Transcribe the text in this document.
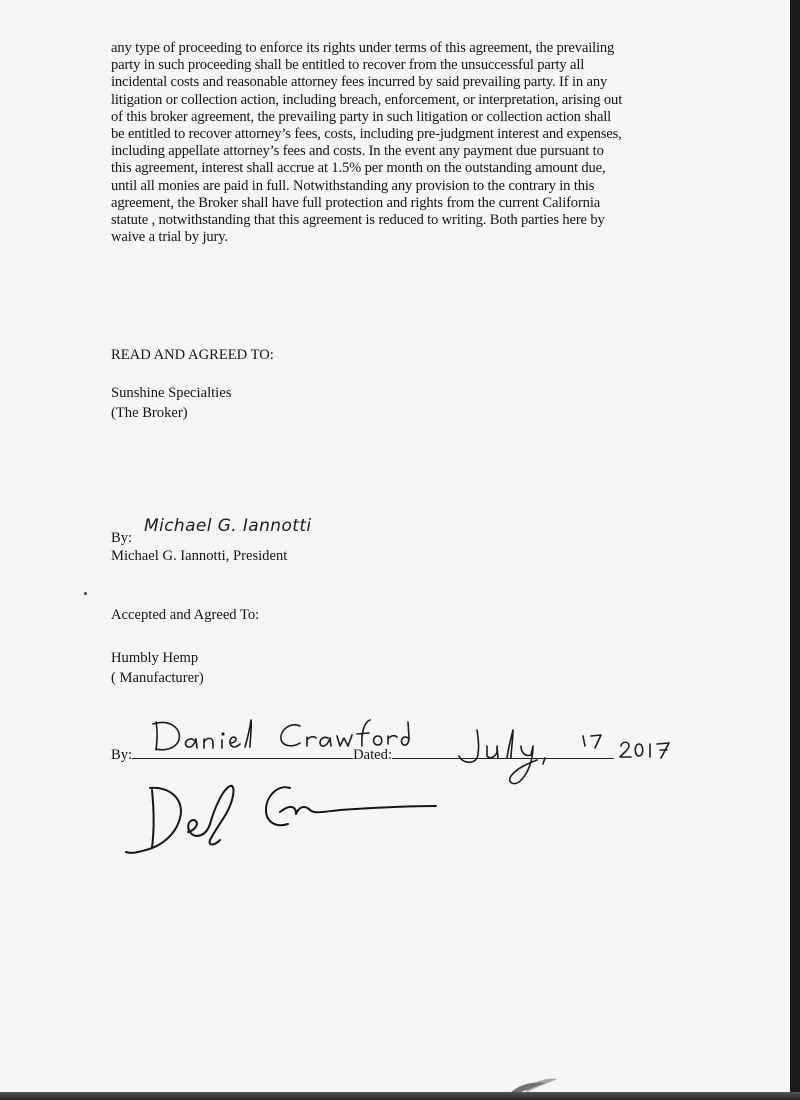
any type of proceeding to enforce its rights under terms of this agreement, the prevailing
party in such proceeding shall be entitled to recover from the unsuccessful party all
incidental costs and reasonable attorney fees incurred by said prevailing party. If in any
litigation or collection action, including breach, enforcement, or interpretation, arising out
of this broker agreement, the prevailing party in such litigation or collection action shall
be entitled to recover attorney’s fees, costs, including pre-judgment interest and expenses,
including appellate attorney’s fees and costs. In the event any payment due pursuant to
this agreement, interest shall accrue at 1.5% per month on the outstanding amount due,
until all monies are paid in full. Notwithstanding any provision to the contrary in this
agreement, the Broker shall have full protection and rights from the current California
statute , notwithstanding that this agreement is reduced to writing. Both parties here by
waive a trial by jury.

READ AND AGREED TO:

Sunshine Specialties

(The Broker)

By:

Michael G. Iannotti

Michael G. Iannotti, President

Accepted and Agreed To:

Humbly Hemp

( Manufacturer)

By:	Dated:
